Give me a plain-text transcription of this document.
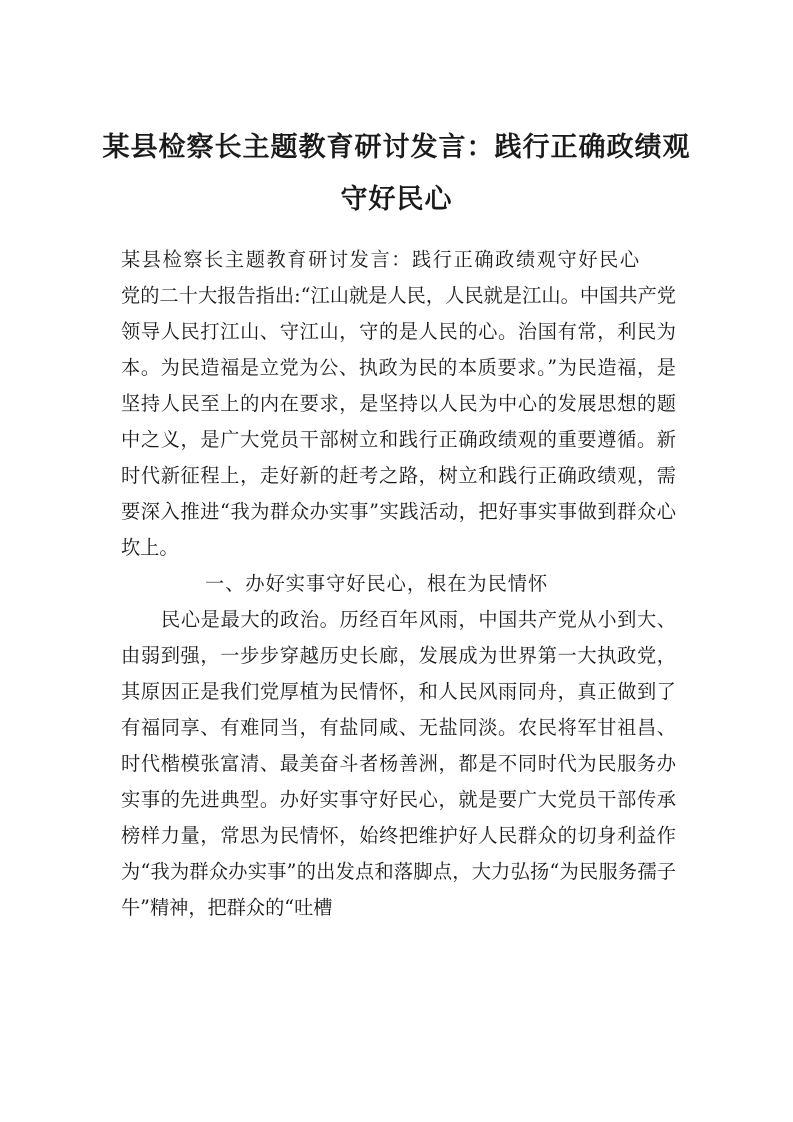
某县检察长主题教育研讨发言：践行正确政绩观守好民心

某县检察长主题教育研讨发言：践行正确政绩观守好民心

党的二十大报告指出:“江山就是人民，人民就是江山。中国共产党领导人民打江山、守江山，守的是人民的心。治国有常，利民为本。为民造福是立党为公、执政为民的本质要求。”为民造福，是坚持人民至上的内在要求，是坚持以人民为中心的发展思想的题中之义，是广大党员干部树立和践行正确政绩观的重要遵循。新时代新征程上，走好新的赶考之路，树立和践行正确政绩观，需要深入推进“我为群众办实事”实践活动，把好事实事做到群众心坎上。

一、办好实事守好民心，根在为民情怀

民心是最大的政治。历经百年风雨，中国共产党从小到大、由弱到强，一步步穿越历史长廊，发展成为世界第一大执政党，其原因正是我们党厚植为民情怀，和人民风雨同舟，真正做到了有福同享、有难同当，有盐同咸、无盐同淡。农民将军甘祖昌、时代楷模张富清、最美奋斗者杨善洲，都是不同时代为民服务办实事的先进典型。办好实事守好民心，就是要广大党员干部传承榜样力量，常思为民情怀，始终把维护好人民群众的切身利益作为“我为群众办实事”的出发点和落脚点，大力弘扬“为民服务孺子牛”精神，把群众的“吐槽
